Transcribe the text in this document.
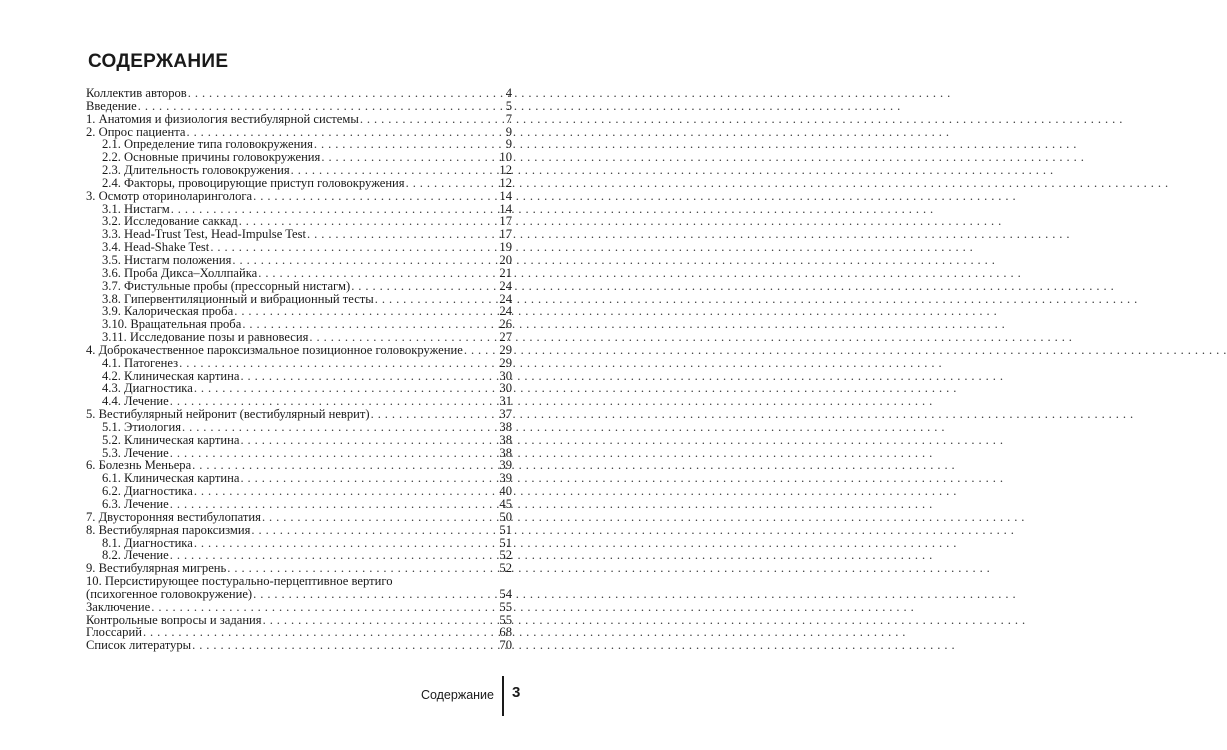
СОДЕРЖАНИЕ
Коллектив авторов . . .	4
Введение . . .	5
1. Анатомия и физиология вестибулярной системы . . .	7
2. Опрос пациента . . .	9
2.1. Определение типа головокружения . . .	9
2.2. Основные причины головокружения . . .	10
2.3. Длительность головокружения . . .	12
2.4. Факторы, провоцирующие приступ головокружения . . .	12
3. Осмотр оториноларинголога . . .	14
3.1. Нистагм . . .	14
3.2. Исследование саккад . . .	17
3.3. Head-Trust Test, Head-Impulse Test . . .	17
3.4. Head-Shake Test . . .	19
3.5. Нистагм положения . . .	20
3.6. Проба Дикса–Холлпайка . . .	21
3.7. Фистульные пробы (прессорный нистагм) . . .	24
3.8. Гипервентиляционный и вибрационный тесты . . .	24
3.9. Калорическая проба . . .	24
3.10. Вращательная проба . . .	26
3.11. Исследование позы и равновесия . . .	27
4. Доброкачественное пароксизмальное позиционное головокружение . . .	29
4.1. Патогенез . . .	29
4.2. Клиническая картина . . .	30
4.3. Диагностика . . .	30
4.4. Лечение . . .	31
5. Вестибулярный нейронит (вестибулярный неврит) . . .	37
5.1. Этиология . . .	38
5.2. Клиническая картина . . .	38
5.3. Лечение . . .	38
6. Болезнь Меньера . . .	39
6.1. Клиническая картина . . .	39
6.2. Диагностика . . .	40
6.3. Лечение . . .	45
7. Двусторонняя вестибулопатия . . .	50
8. Вестибулярная пароксизмия . . .	51
8.1. Диагностика . . .	51
8.2. Лечение . . .	52
9. Вестибулярная мигрень . . .	52
10. Персистирующее постурально-перцептивное вертиго
(психогенное головокружение) . . .	54
Заключение . . .	55
Контрольные вопросы и задания . . .	55
Глоссарий . . .	68
Список литературы . . .	70
Содержание 3
